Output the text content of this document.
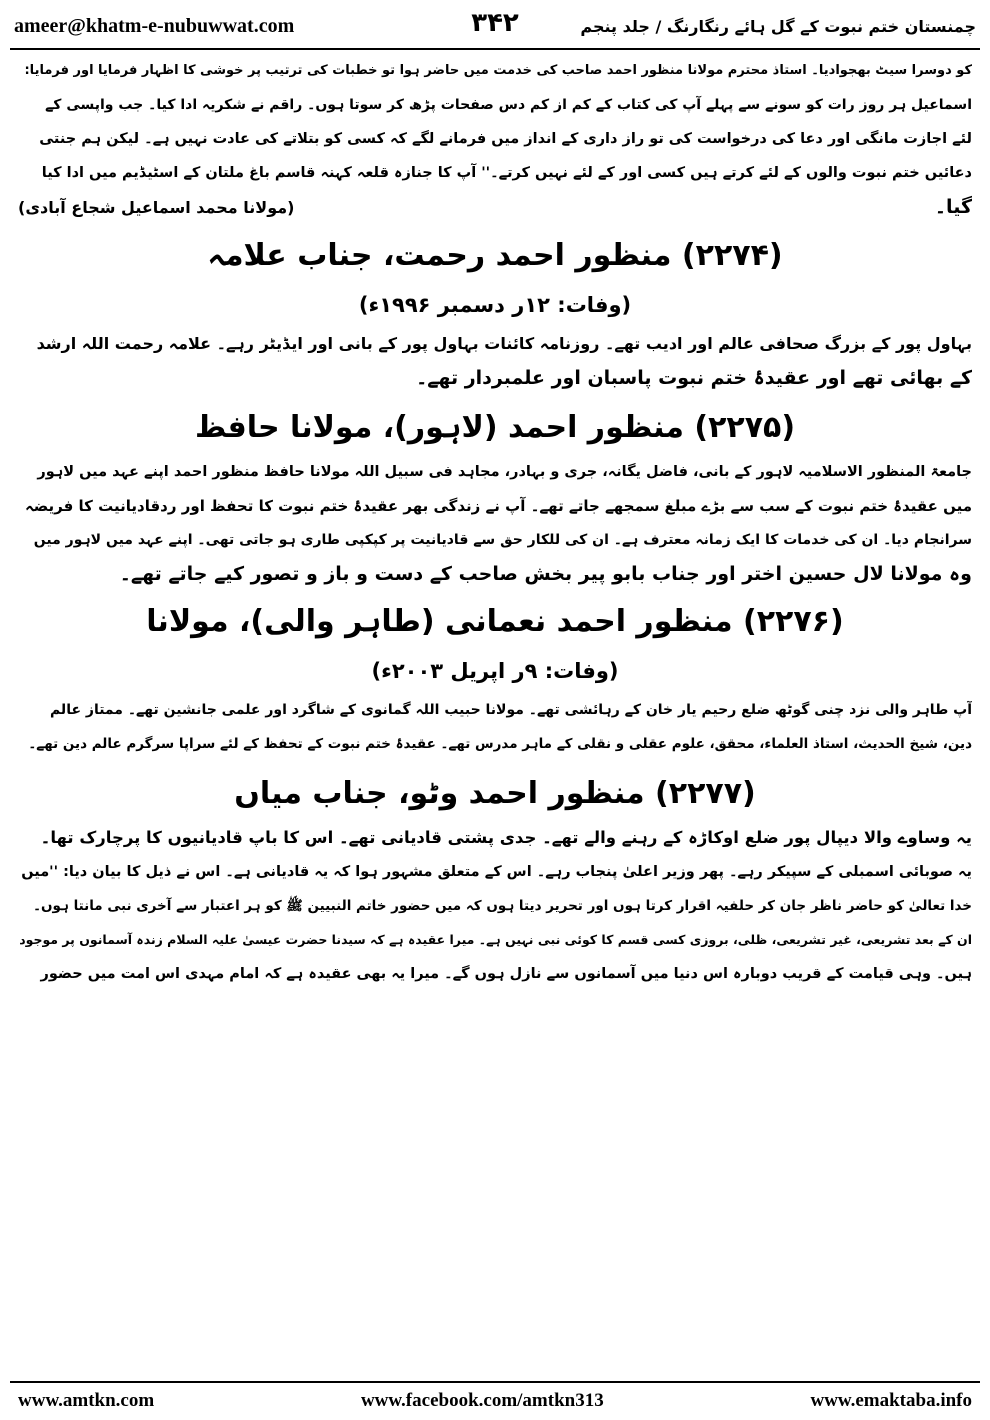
ameer@khatm-e-nubuwwat.com	۳۴۲	چمنستان ختم نبوت کے گل ہائے رنگارنگ / جلد پنجم

کو دوسرا سیٹ بھجوادیا۔ استاذ محترم مولانا منظور احمد صاحب کی خدمت میں حاضر ہوا تو خطبات کی ترتیب پر خوشی کا اظہار فرمایا اور فرمایا:

اسماعیل ہر روز رات کو سونے سے پہلے آپ کی کتاب کے کم از کم دس صفحات پڑھ کر سوتا ہوں۔ راقم نے شکریہ ادا کیا۔ جب واپسی کے

لئے اجازت مانگی اور دعا کی درخواست کی تو راز داری کے انداز میں فرمانے لگے کہ کسی کو بتلاتے کی عادت نہیں ہے۔ لیکن ہم جنتی

دعائیں ختم نبوت والوں کے لئے کرتے ہیں کسی اور کے لئے نہیں کرتے۔'' آپ کا جنازہ قلعہ کہنہ قاسم باغ ملتان کے اسٹیڈیم میں ادا کیا

گیا۔
(مولانا محمد اسماعیل شجاع آبادی)
(۲۲۷۴) منظور احمد رحمت، جناب علامہ
(وفات: ۱۲ر دسمبر ۱۹۹۶ء)

بہاول پور کے بزرگ صحافی عالم اور ادیب تھے۔ روزنامہ کائنات بہاول پور کے بانی اور ایڈیٹر رہے۔ علامہ رحمت اللہ ارشد

کے بھائی تھے اور عقیدۂ ختم نبوت پاسبان اور علمبردار تھے۔

(۲۲۷۵) منظور احمد (لاہور)، مولانا حافظ

جامعۃ المنظور الاسلامیہ لاہور کے بانی، فاضل یگانہ، جری و بہادر، مجاہد فی سبیل اللہ مولانا حافظ منظور احمد اپنے عہد میں لاہور

میں عقیدۂ ختم نبوت کے سب سے بڑے مبلغ سمجھے جاتے تھے۔ آپ نے زندگی بھر عقیدۂ ختم نبوت کا تحفظ اور ردقادیانیت کا فریضہ

سرانجام دیا۔ ان کی خدمات کا ایک زمانہ معترف ہے۔ ان کی للکار حق سے قادیانیت پر کپکپی طاری ہو جاتی تھی۔ اپنے عہد میں لاہور میں

وہ مولانا لال حسین اختر اور جناب بابو پیر بخش صاحب کے دست و باز و تصور کیے جاتے تھے۔

(۲۲۷۶) منظور احمد نعمانی (طاہر والی)، مولانا
(وفات: ۹ر اپریل ۲۰۰۳ء)

آپ طاہر والی نزد چنی گوٹھ ضلع رحیم یار خان کے رہائشی تھے۔ مولانا حبیب اللہ گمانوی کے شاگرد اور علمی جانشین تھے۔ ممتاز عالم

دین، شیخ الحدیث، استاذ العلماء، محقق، علوم عقلی و نقلی کے ماہر مدرس تھے۔ عقیدۂ ختم نبوت کے تحفظ کے لئے سراپا سرگرم عالم دین تھے۔

(۲۲۷۷) منظور احمد وٹو، جناب میاں

یہ وساوے والا دیپال پور ضلع اوکاڑہ کے رہنے والے تھے۔ جدی پشتی قادیانی تھے۔ اس کا باپ قادیانیوں کا پرچارک تھا۔

یہ صوبائی اسمبلی کے سپیکر رہے۔ پھر وزیر اعلیٰ پنجاب رہے۔ اس کے متعلق مشہور ہوا کہ یہ قادیانی ہے۔ اس نے ذیل کا بیان دیا: ''میں

خدا تعالیٰ کو حاضر ناظر جان کر حلفیہ اقرار کرتا ہوں اور تحریر دیتا ہوں کہ میں حضور خاتم النبیین ﷺ کو ہر اعتبار سے آخری نبی مانتا ہوں۔

ان کے بعد تشریعی، غیر تشریعی، ظلی، بروزی کسی قسم کا کوئی نبی نہیں ہے۔ میرا عقیدہ ہے کہ سیدنا حضرت عیسیٰ علیہ السلام زندہ آسمانوں پر موجود

ہیں۔ وہی قیامت کے قریب دوبارہ اس دنیا میں آسمانوں سے نازل ہوں گے۔ میرا یہ بھی عقیدہ ہے کہ امام مہدی اس امت میں حضور

www.amtkn.com	www.facebook.com/amtkn313	www.emaktaba.info
